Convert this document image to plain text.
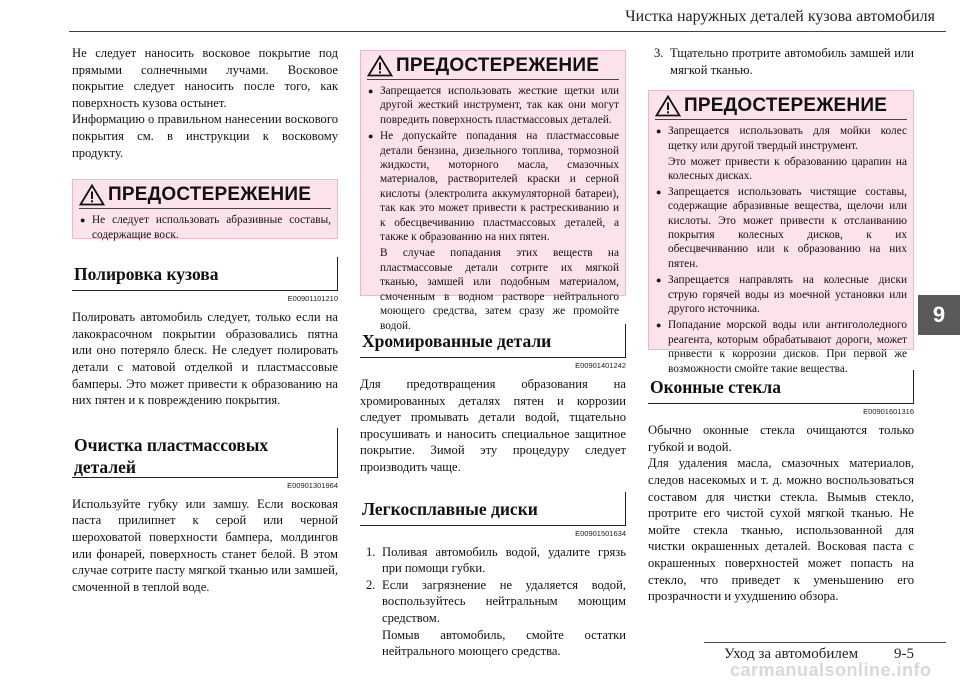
Чистка наружных деталей кузова автомобиля

Не следует наносить восковое покрытие под прямыми солнечными лучами. Восковое покрытие следует наносить после того, как поверхность кузова остынет.

Информацию о правильном нанесении воскового покрытия см. в инструкции к восковому продукту.

ПРЕДОСТЕРЕЖЕНИЕ

● Не следует использовать абразивные составы, содержащие воск.

Полировка кузова
E00901101210

Полировать автомобиль следует, только если на лакокрасочном покрытии образовались пятна или оно потеряло блеск. Не следует полировать детали с матовой отделкой и пластмассовые бамперы. Это может привести к образованию на них пятен и к повреждению покрытия.

Очистка пластмассовых
деталей
E00901301964

Используйте губку или замшу. Если восковая паста прилипнет к серой или черной шероховатой поверхности бампера, молдингов или фонарей, поверхность станет белой. В этом случае сотрите пасту мягкой тканью или замшей, смоченной в теплой воде.

ПРЕДОСТЕРЕЖЕНИЕ

● Запрещается использовать жесткие щетки или другой жесткий инструмент, так как они могут повредить поверхность пластмассовых деталей.

● Не допускайте попадания на пластмассовые детали бензина, дизельного топлива, тормозной жидкости, моторного масла, смазочных материалов, растворителей краски и серной кислоты (электролита аккумуляторной батареи), так как это может привести к растрескиванию и к обесцвечиванию пластмассовых деталей, а также к образованию на них пятен.

В случае попадания этих веществ на пластмассовые детали сотрите их мягкой тканью, замшей или подобным материалом, смоченным в водном растворе нейтрального моющего средства, затем сразу же промойте водой.

Хромированные детали
E00901401242

Для предотвращения образования на хромированных деталях пятен и коррозии следует промывать детали водой, тщательно просушивать и наносить специальное защитное покрытие. Зимой эту процедуру следует производить чаще.

Легкосплавные диски
E00901501634
1. Поливая автомобиль водой, удалите грязь при помощи губки.
2. Если загрязнение не удаляется водой, воспользуйтесь нейтральным моющим средством.

Помыв автомобиль, смойте остатки нейтрального моющего средства.

3. Тщательно протрите автомобиль замшей или мягкой тканью.
ПРЕДОСТЕРЕЖЕНИЕ

● Запрещается использовать для мойки колес щетку или другой твердый инструмент.

Это может привести к образованию царапин на колесных дисках.

● Запрещается использовать чистящие составы, содержащие абразивные вещества, щелочи или кислоты. Это может привести к отслаиванию покрытия колесных дисков, к их обесцвечиванию или к образованию на них пятен.

● Запрещается направлять на колесные диски струю горячей воды из моечной установки или другого источника.

● Попадание морской воды или антигололедного реагента, которым обрабатывают дороги, может привести к коррозии дисков. При первой же возможности смойте такие вещества.

Оконные стекла
E00901601316

Обычно оконные стекла очищаются только губкой и водой.

Для удаления масла, смазочных материалов, следов насекомых и т. д. можно воспользоваться составом для чистки стекла. Вымыв стекло, протрите его чистой сухой мягкой тканью. Не мойте стекла тканью, использованной для чистки окрашенных деталей. Восковая паста с окрашенных поверхностей может попасть на стекло, что приведет к уменьшению его прозрачности и ухудшению обзора.

9
Уход за автомобилем 9-5
carmanualsonline.info
